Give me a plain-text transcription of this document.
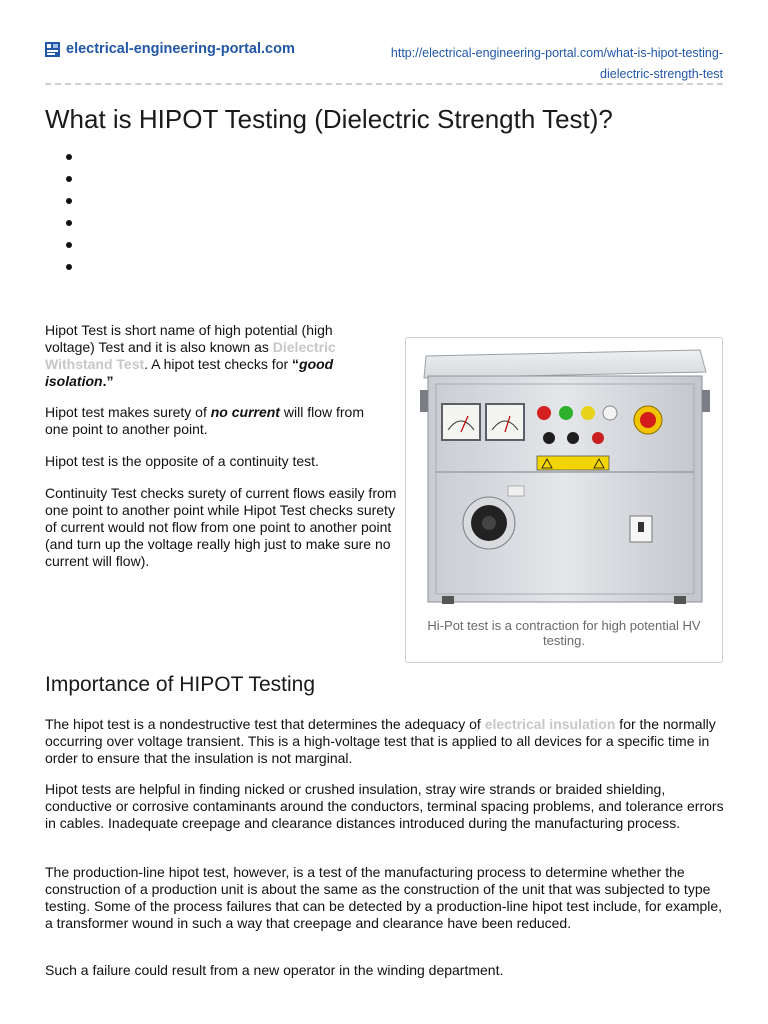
electrical-engineering-portal.com	http://electrical-engineering-portal.com/what-is-hipot-testing-
dielectric-strength-test
What is HIPOT Testing (Dielectric Strength Test)?

Hipot Test is short name of high potential (high voltage) Test and it is also known as Dielectric Withstand Test. A hipot test checks for “good isolation.”

Hipot test makes surety of no current will flow from one point to another point.

Hipot test is the opposite of a continuity test.

Continuity Test checks surety of current flows easily from one point to another point while Hipot Test checks surety of current would not flow from one point to another point (and turn up the voltage really high just to make sure no current will flow).

Hi-Pot test is a contraction for high potential HV testing.
Importance of HIPOT Testing

The hipot test is a nondestructive test that determines the adequacy of electrical insulation for the normally occurring over voltage transient. This is a high-voltage test that is applied to all devices for a specific time in order to ensure that the insulation is not marginal.

Hipot tests are helpful in finding nicked or crushed insulation, stray wire strands or braided shielding, conductive or corrosive contaminants around the conductors, terminal spacing problems, and tolerance errors in cables. Inadequate creepage and clearance distances introduced during the manufacturing process.

The production-line hipot test, however, is a test of the manufacturing process to determine whether the construction of a production unit is about the same as the construction of the unit that was subjected to type testing. Some of the process failures that can be detected by a production-line hipot test include, for example, a transformer wound in such a way that creepage and clearance have been reduced.

Such a failure could result from a new operator in the winding department.
